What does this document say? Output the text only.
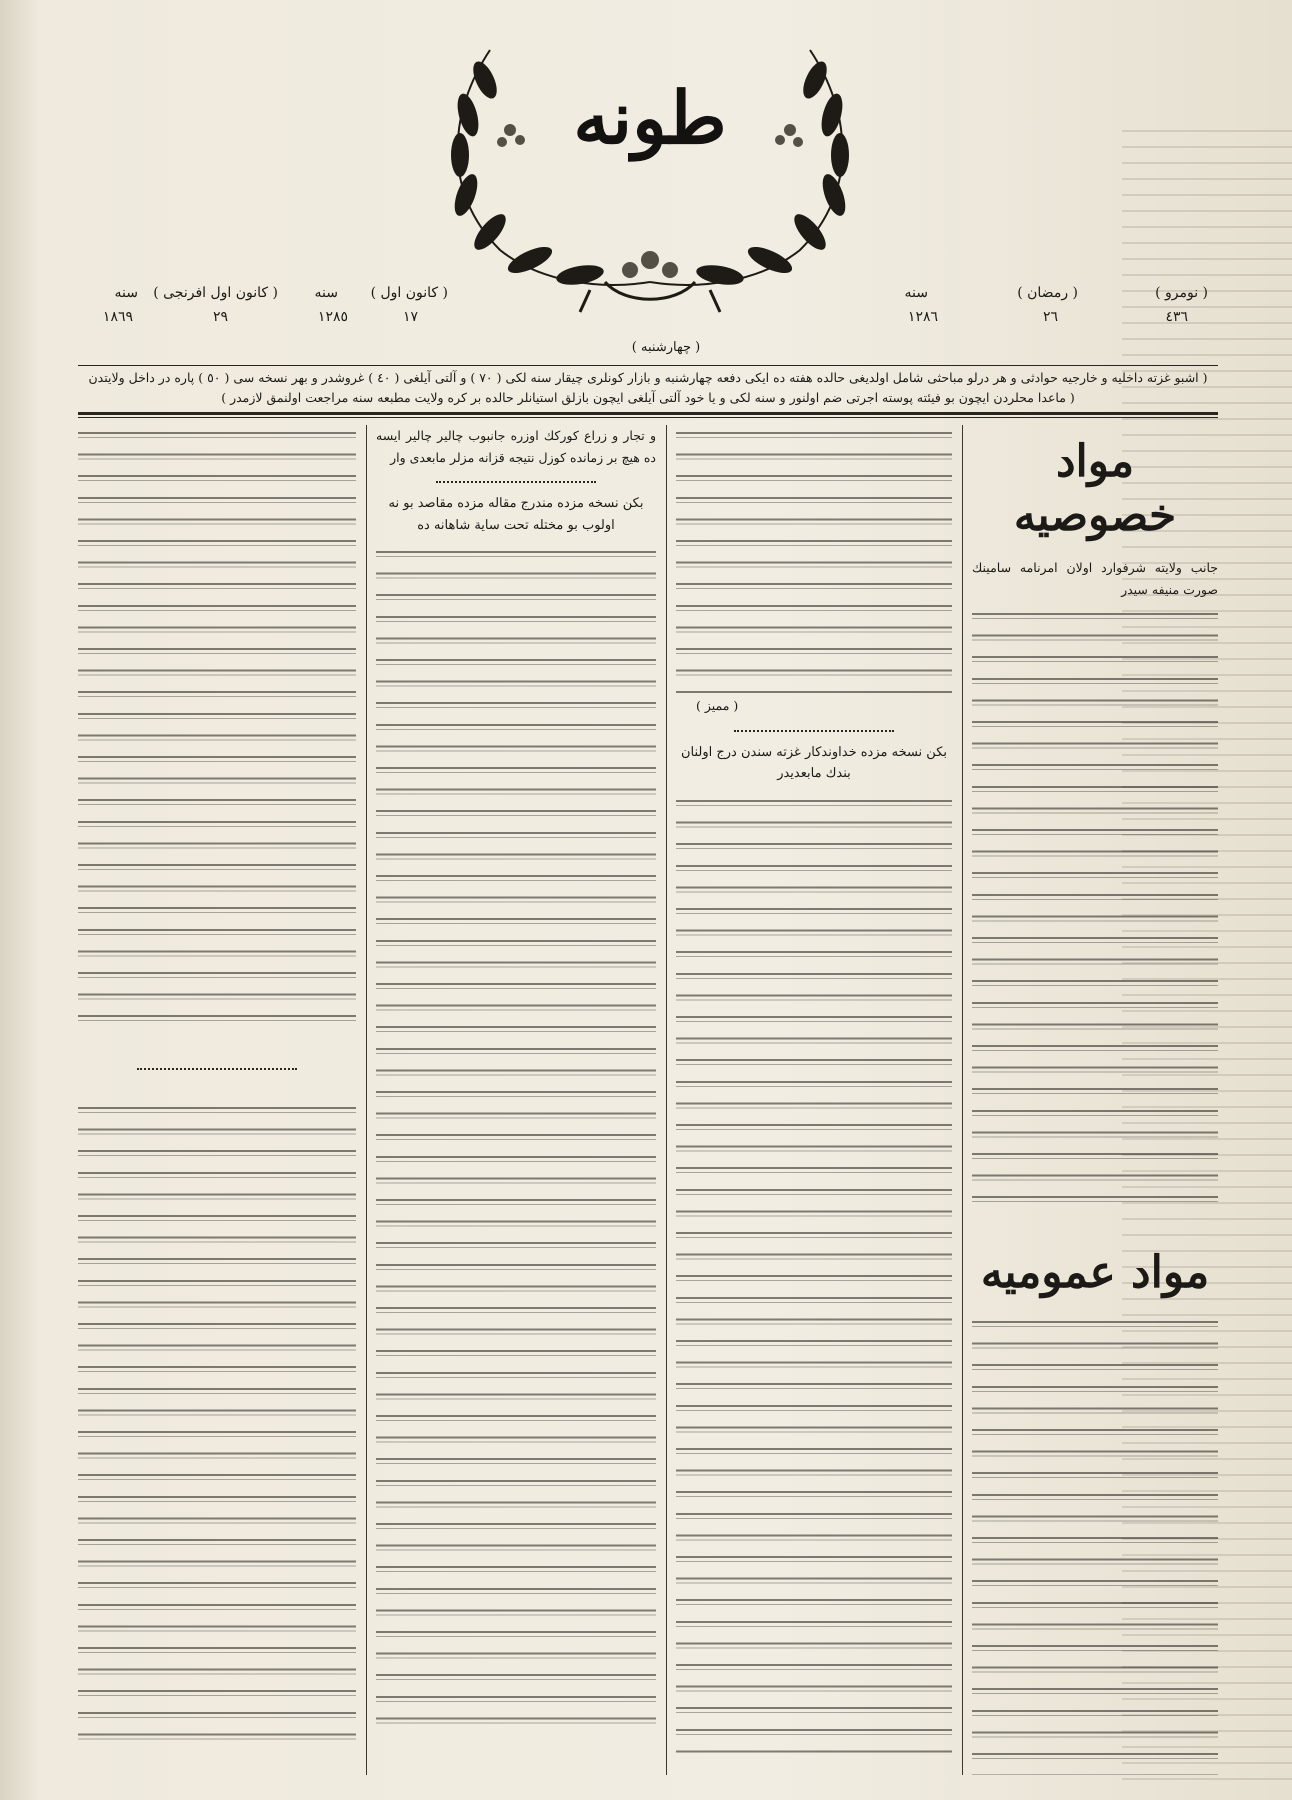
طونه
( نومرو )
٤٣٦
( رمضان )
٢٦
سنه
١٢٨٦
( كانون اول )
١٧
سنه
١٢٨٥
( كانون اول افرنجى )
٢٩
سنه
١٨٦٩
( چهارشنبه )
( اشبو غزته داخليه و خارجيه حوادثى و هر درلو مباحثى شامل اولديغى حالده هفته ده ايكى دفعه چهارشنبه و بازار كونلرى چيقار سنه لكى ( ٧٠ ) و آلتى آيلغى ( ٤٠ ) غروشدر و بهر نسخه سى ( ٥٠ ) پاره در داخل ولايتدن
( ماعدا محلردن ايچون بو فيئته پوسته اجرتى ضم اولنور و سنه لكى و يا خود آلتى آيلغى ايچون بازلق استيانلر حالده بر كره ولايت مطبعه سنه مراجعت اولنمق لازمدر )
مواد خصوصيه

جانب ولايته شرفوارد اولان امرنامه سامينك صورت منيفه سيدر

مواد عموميه
( مميز )
بكن نسخه مزده خداوندكار غزته سندن درج اولنان بندك مابعديدر

و تجار و زراع كوركك اوزره جانبوب چالير چالير ايسه ده هيچ بر زمانده كوزل نتيجه قزانه مزلر مابعدى وار

بكن نسخه مزده مندرج مقاله مزده مقاصد بو نه اولوب بو مختله تحت ساية شاهانه ده
